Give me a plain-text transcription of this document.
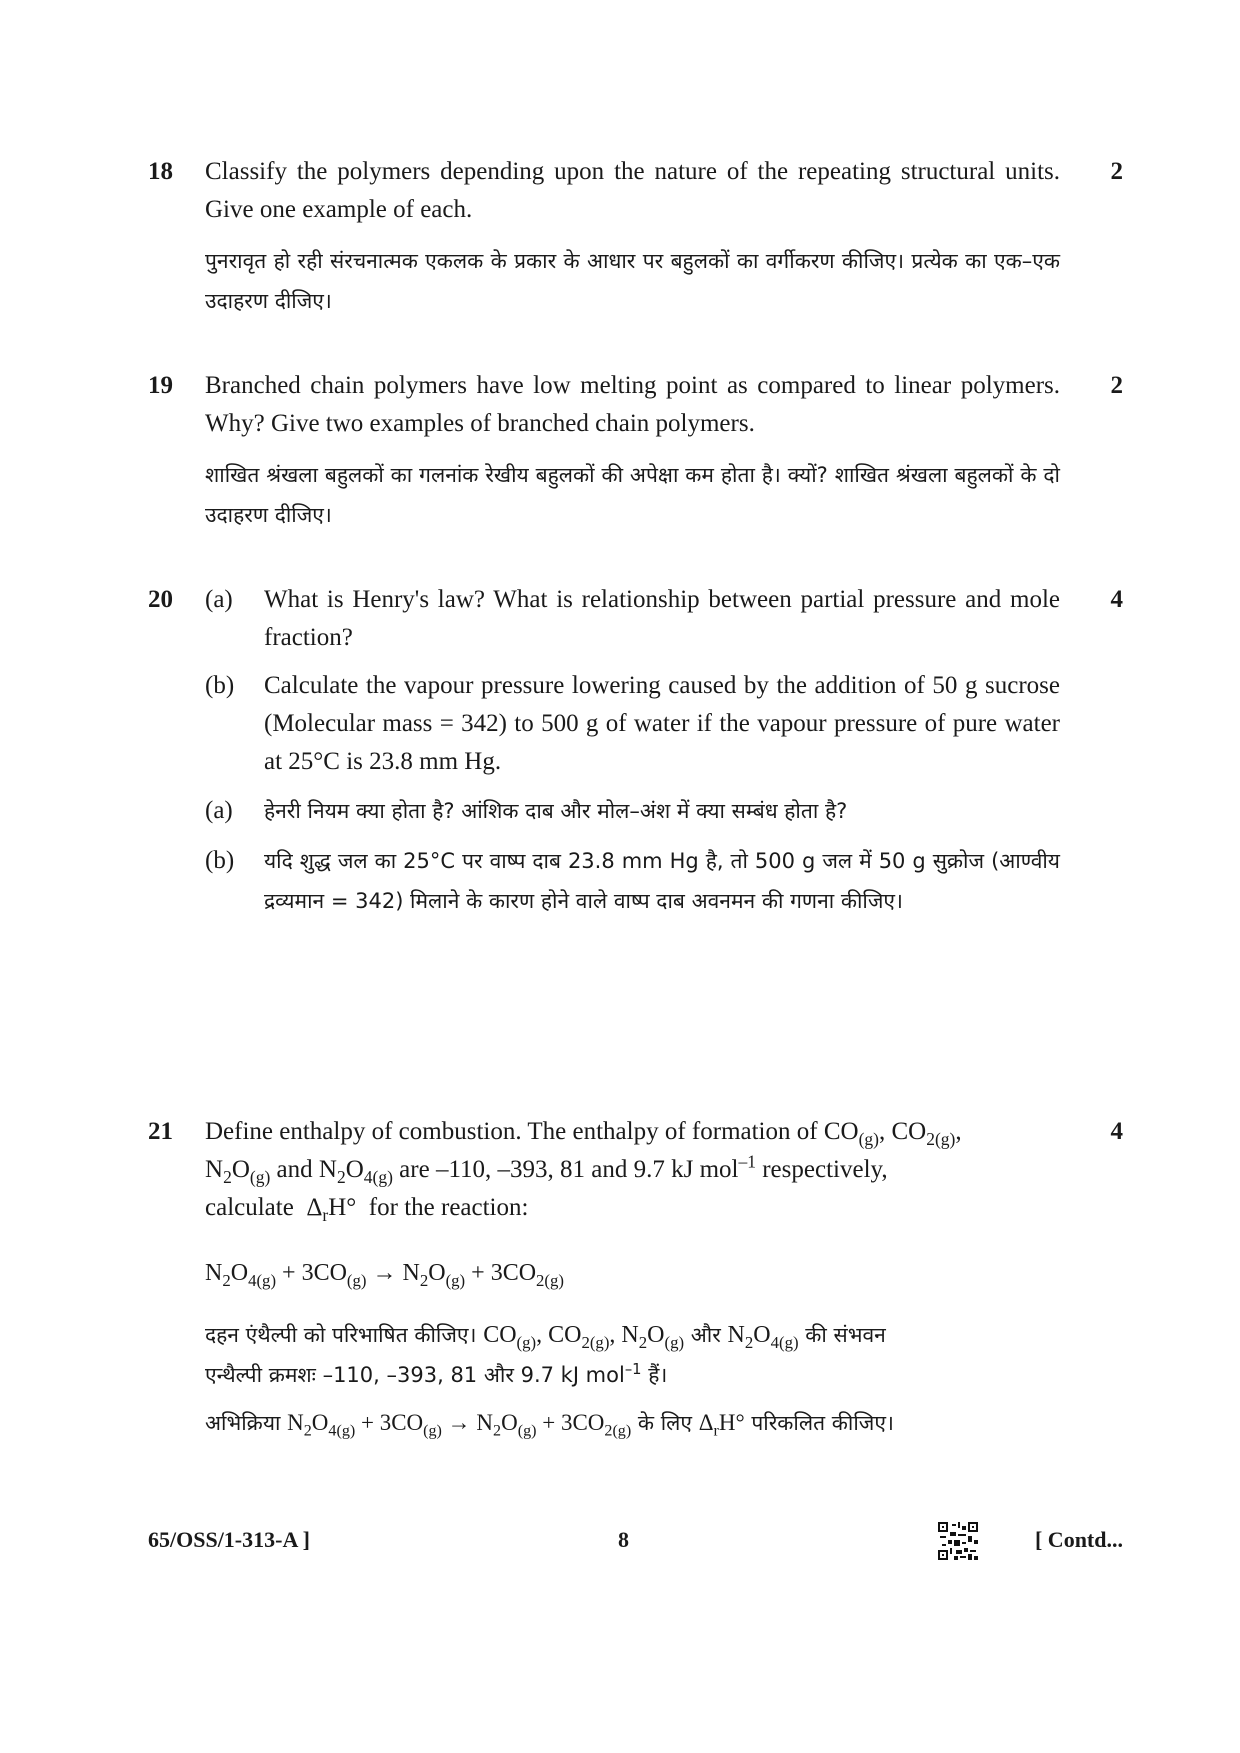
18	2
Classify the polymers depending upon the nature of the repeating structural units. Give one example of each.
पुनरावृत हो रही संरचनात्मक एकलक के प्रकार के आधार पर बहुलकों का वर्गीकरण कीजिए। प्रत्येक का एक–एक उदाहरण दीजिए।
19	2
Branched chain polymers have low melting point as compared to linear polymers. Why? Give two examples of branched chain polymers.
शाखित श्रंखला बहुलकों का गलनांक रेखीय बहुलकों की अपेक्षा कम होता है। क्यों? शाखित श्रंखला बहुलकों के दो उदाहरण दीजिए।
20	4
(a) What is Henry's law? What is relationship between partial pressure and mole fraction?
(b) Calculate the vapour pressure lowering caused by the addition of 50 g sucrose (Molecular mass = 342) to 500 g of water if the vapour pressure of pure water at 25°C is 23.8 mm Hg.
(a) हेनरी नियम क्या होता है? आंशिक दाब और मोल–अंश में क्या सम्बंध होता है?
(b) यदि शुद्ध जल का 25°C पर वाष्प दाब 23.8 mm Hg है, तो 500 g जल में 50 g सुक्रोज (आण्वीय द्रव्यमान = 342) मिलाने के कारण होने वाले वाष्प दाब अवनमन की गणना कीजिए।
21	4
Define enthalpy of combustion. The enthalpy of formation of $CO_{(g)}$, $CO_{2(g)}$,
$N_2O_{(g)}$ and $N_2O_{4(g)}$ are –110, –393, 81 and 9.7 kJ mol$^{-1}$ respectively,
calculate  $\Delta_rH^\circ$  for the reaction:
$N_2O_{4(g)} + 3CO_{(g)} \to N_2O_{(g)} + 3CO_{2(g)}$
दहन एंथैल्पी को परिभाषित कीजिए। $CO_{(g)}$, $CO_{2(g)}$, $N_2O_{(g)}$ और $N_2O_{4(g)}$ की संभवन
एन्थैल्पी क्रमशः –110, –393, 81 और 9.7 kJ mol$^{-1}$ हैं।
अभिक्रिया $N_2O_{4(g)} + 3CO_{(g)} \to N_2O_{(g)} + 3CO_{2(g)}$ के लिए $\Delta_rH^\circ$ परिकलित कीजिए।
65/OSS/1-313-A ]	8	[ Contd...
